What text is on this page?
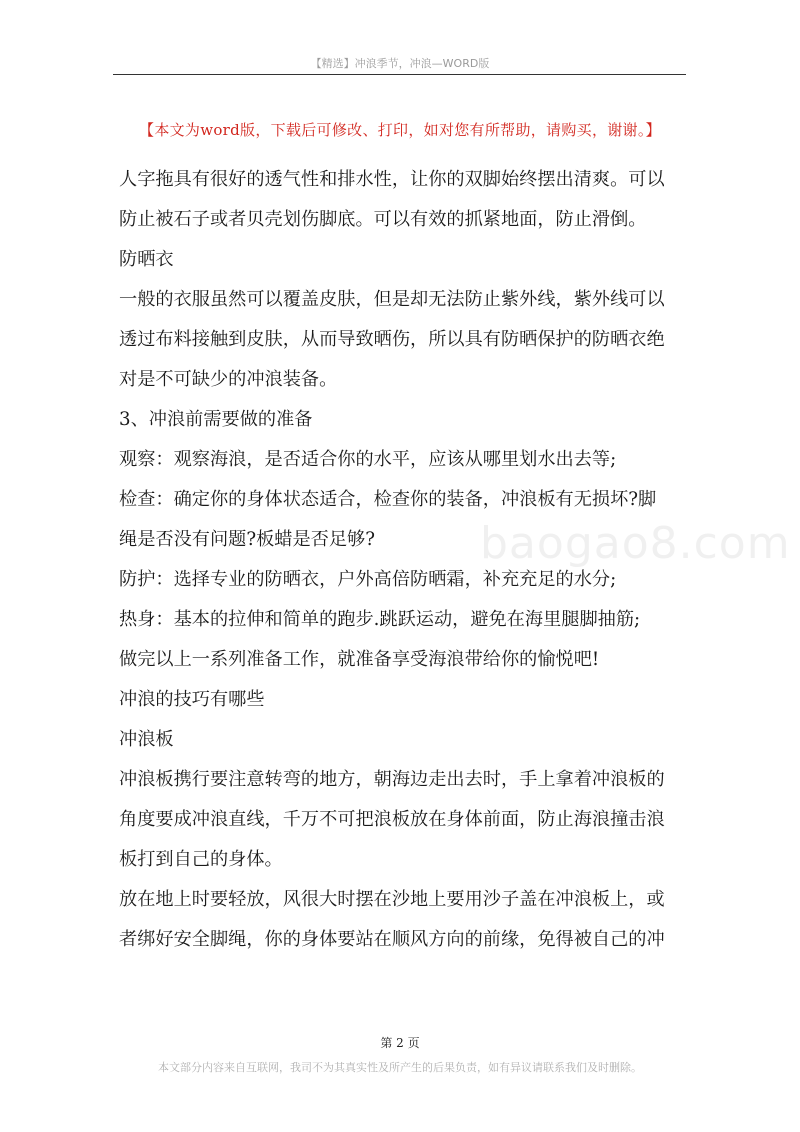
【精选】冲浪季节，冲浪—WORD版
【本文为word版，下载后可修改、打印，如对您有所帮助，请购买，谢谢。】
baogao8.com
人字拖具有很好的透气性和排水性，让你的双脚始终摆出清爽。可以
防止被石子或者贝壳划伤脚底。可以有效的抓紧地面，防止滑倒。
防晒衣
一般的衣服虽然可以覆盖皮肤，但是却无法防止紫外线，紫外线可以
透过布料接触到皮肤，从而导致晒伤，所以具有防晒保护的防晒衣绝
对是不可缺少的冲浪装备。
3、冲浪前需要做的准备
观察：观察海浪，是否适合你的水平，应该从哪里划水出去等;
检查：确定你的身体状态适合，检查你的装备，冲浪板有无损坏?脚
绳是否没有问题?板蜡是否足够?
防护：选择专业的防晒衣，户外高倍防晒霜，补充充足的水分;
热身：基本的拉伸和简单的跑步.跳跃运动，避免在海里腿脚抽筋;
做完以上一系列准备工作，就准备享受海浪带给你的愉悦吧!
冲浪的技巧有哪些
冲浪板
冲浪板携行要注意转弯的地方，朝海边走出去时，手上拿着冲浪板的
角度要成冲浪直线，千万不可把浪板放在身体前面，防止海浪撞击浪
板打到自己的身体。
放在地上时要轻放，风很大时摆在沙地上要用沙子盖在冲浪板上，或
者绑好安全脚绳，你的身体要站在顺风方向的前缘，免得被自己的冲
第 2 页
本文部分内容来自互联网，我司不为其真实性及所产生的后果负责，如有异议请联系我们及时删除。
